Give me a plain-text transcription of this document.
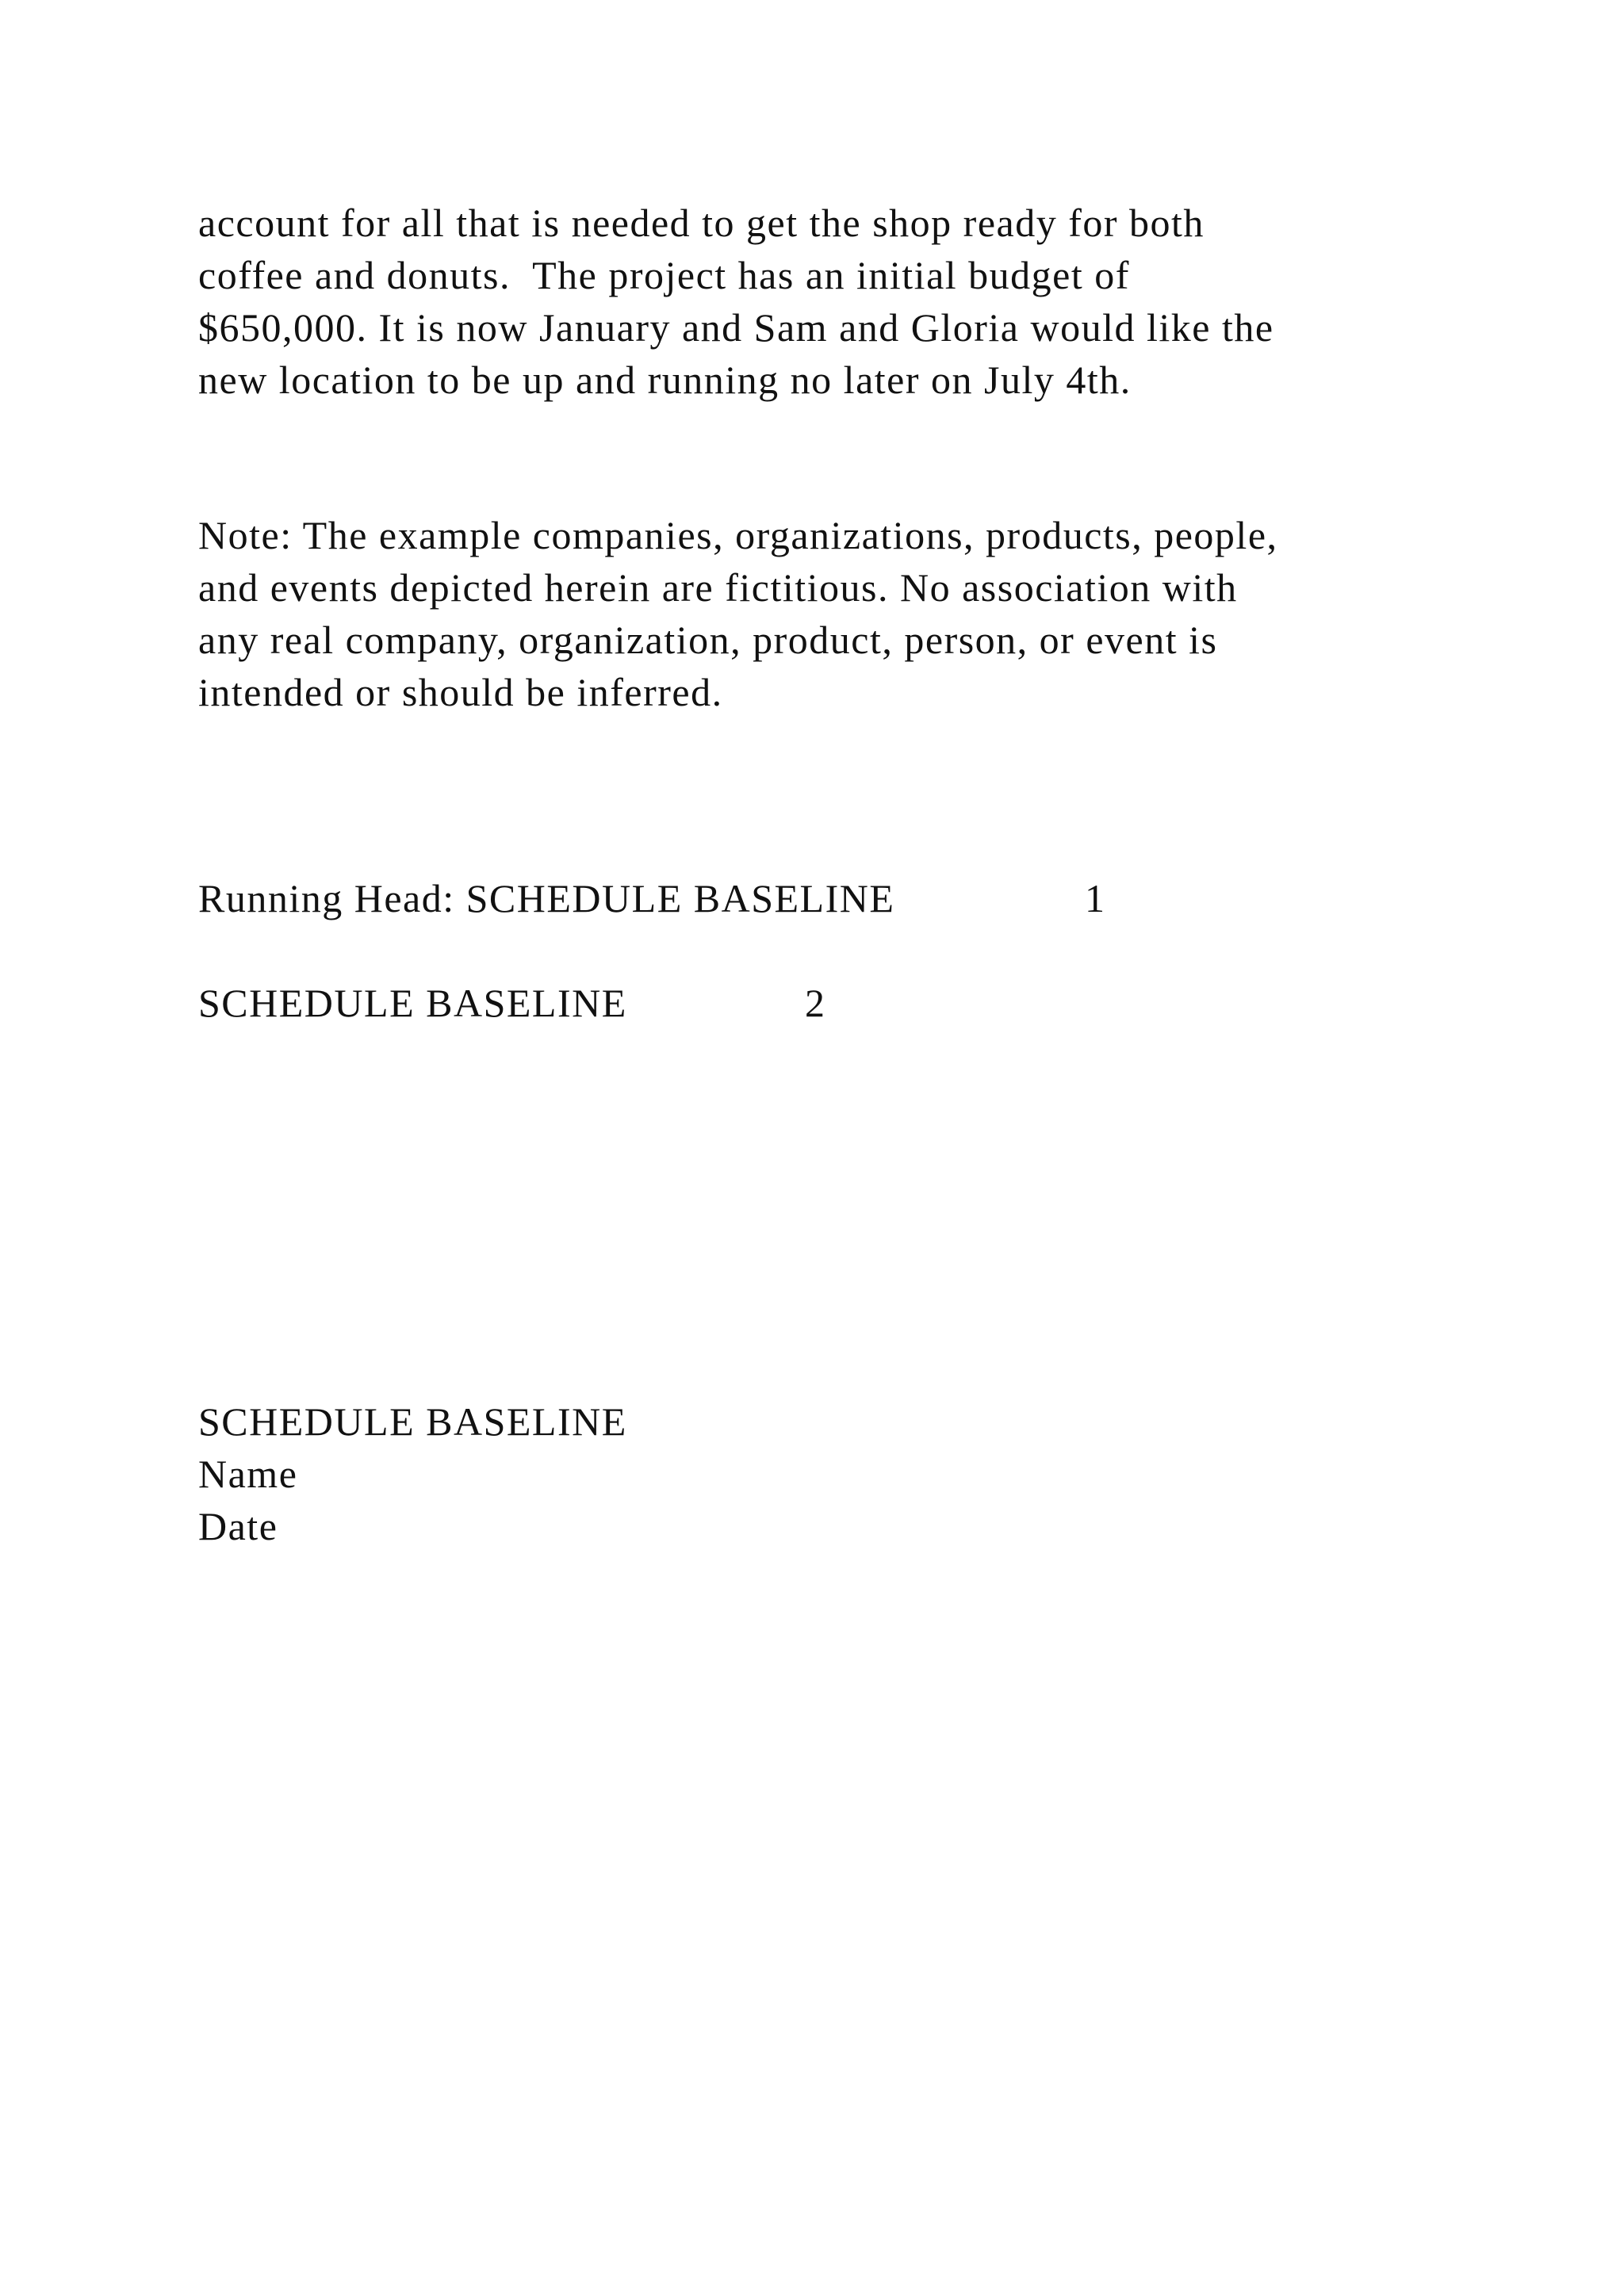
account for all that is needed to get the shop ready for both
coffee and donuts.  The project has an initial budget of
$650,000. It is now January and Sam and Gloria would like the
new location to be up and running no later on July 4th.
Note: The example companies, organizations, products, people,
and events depicted herein are fictitious. No association with
any real company, organization, product, person, or event is
intended or should be inferred.
Running Head: SCHEDULE BASELINE	1
SCHEDULE BASELINE	2
SCHEDULE BASELINE
Name
Date
